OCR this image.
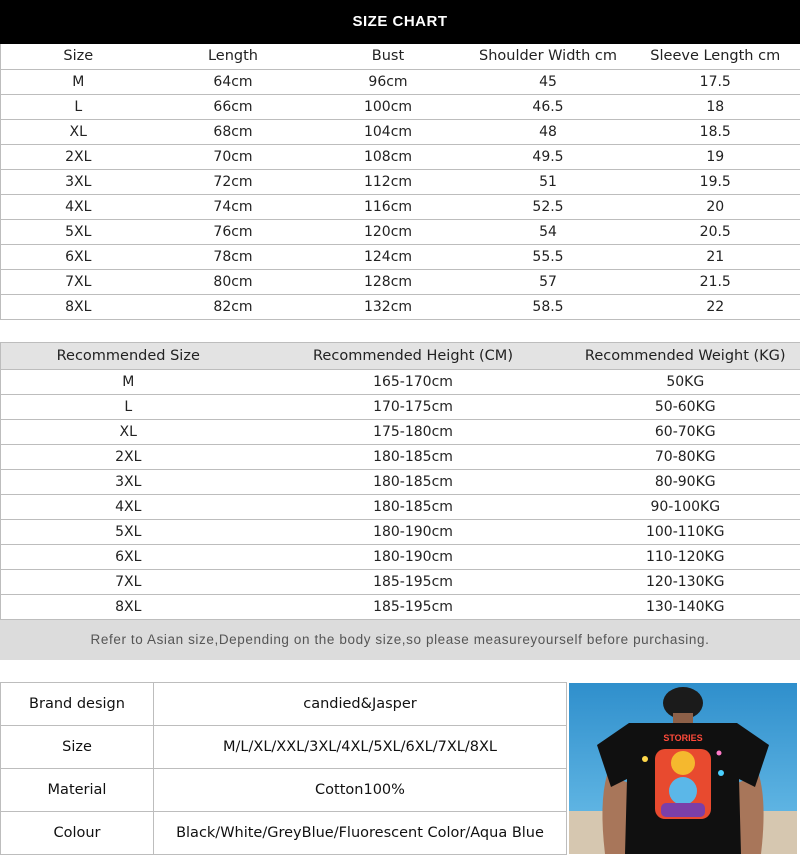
SIZE CHART
Size	Length	Bust	Shoulder Width cm	Sleeve Length cm
M	64cm	96cm	45	17.5
L	66cm	100cm	46.5	18
XL	68cm	104cm	48	18.5
2XL	70cm	108cm	49.5	19
3XL	72cm	112cm	51	19.5
4XL	74cm	116cm	52.5	20
5XL	76cm	120cm	54	20.5
6XL	78cm	124cm	55.5	21
7XL	80cm	128cm	57	21.5
8XL	82cm	132cm	58.5	22
Recommended Size	Recommended Height (CM)	Recommended Weight (KG)
M	165-170cm	50KG
L	170-175cm	50-60KG
XL	175-180cm	60-70KG
2XL	180-185cm	70-80KG
3XL	180-185cm	80-90KG
4XL	180-185cm	90-100KG
5XL	180-190cm	100-110KG
6XL	180-190cm	110-120KG
7XL	185-195cm	120-130KG
8XL	185-195cm	130-140KG
Refer to Asian size,Depending on the body size,so please measureyourself before purchasing.
Brand design	candied&Jasper
Size	M/L/XL/XXL/3XL/4XL/5XL/6XL/7XL/8XL
Material	Cotton100%
Colour	Black/White/GreyBlue/Fluorescent Color/Aqua Blue
STORIES
